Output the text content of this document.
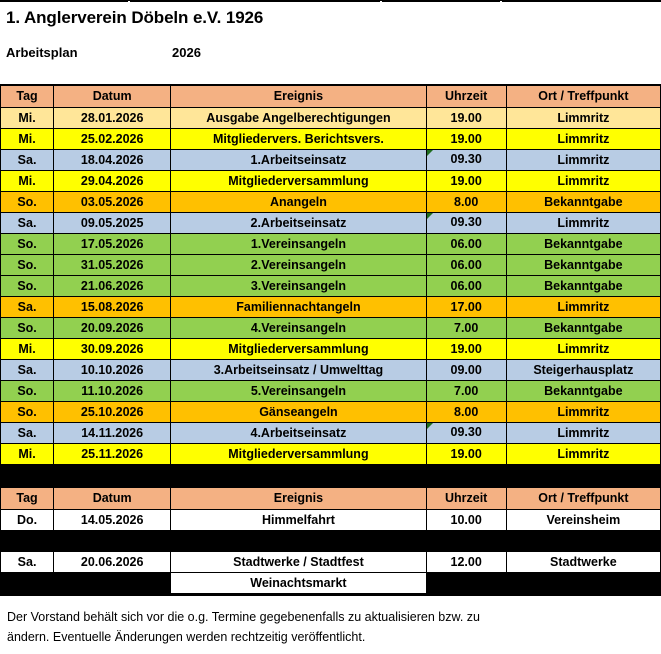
1. Anglerverein Döbeln e.V. 1926
Arbeitsplan	2026
Tag	Datum	Ereignis	Uhrzeit	Ort / Treffpunkt
Mi.	28.01.2026	Ausgabe Angelberechtigungen	19.00	Limmritz
Mi.	25.02.2026	Mitgliedervers. Berichtsvers.	19.00	Limmritz
Sa.	18.04.2026	1.Arbeitseinsatz	09.30	Limmritz
Mi.	29.04.2026	Mitgliederversammlung	19.00	Limmritz
So.	03.05.2026	Anangeln	8.00	Bekanntgabe
Sa.	09.05.2025	2.Arbeitseinsatz	09.30	Limmritz
So.	17.05.2026	1.Vereinsangeln	06.00	Bekanntgabe
So.	31.05.2026	2.Vereinsangeln	06.00	Bekanntgabe
So.	21.06.2026	3.Vereinsangeln	06.00	Bekanntgabe
Sa.	15.08.2026	Familiennachtangeln	17.00	Limmritz
So.	20.09.2026	4.Vereinsangeln	7.00	Bekanntgabe
Mi.	30.09.2026	Mitgliederversammlung	19.00	Limmritz
Sa.	10.10.2026	3.Arbeitseinsatz / Umwelttag	09.00	Steigerhausplatz
So.	11.10.2026	5.Vereinsangeln	7.00	Bekanntgabe
So.	25.10.2026	Gänseangeln	8.00	Limmritz
Sa.	14.11.2026	4.Arbeitseinsatz	09.30	Limmritz
Mi.	25.11.2026	Mitgliederversammlung	19.00	Limmritz
Tag	Datum	Ereignis	Uhrzeit	Ort / Treffpunkt
Do.	14.05.2026	Himmelfahrt	10.00	Vereinsheim
Sa.	06.06.2026	Verein 100 Jahre	18.00	Bürgergarten Arena
Sa.	20.06.2026	Stadtwerke / Stadtfest	12.00	Stadtwerke
		Weinachtsmarkt		

Der Vorstand behält sich vor die o.g. Termine gegebenenfalls zu aktualisieren bzw. zu

ändern. Eventuelle Änderungen werden rechtzeitig veröffentlicht.
